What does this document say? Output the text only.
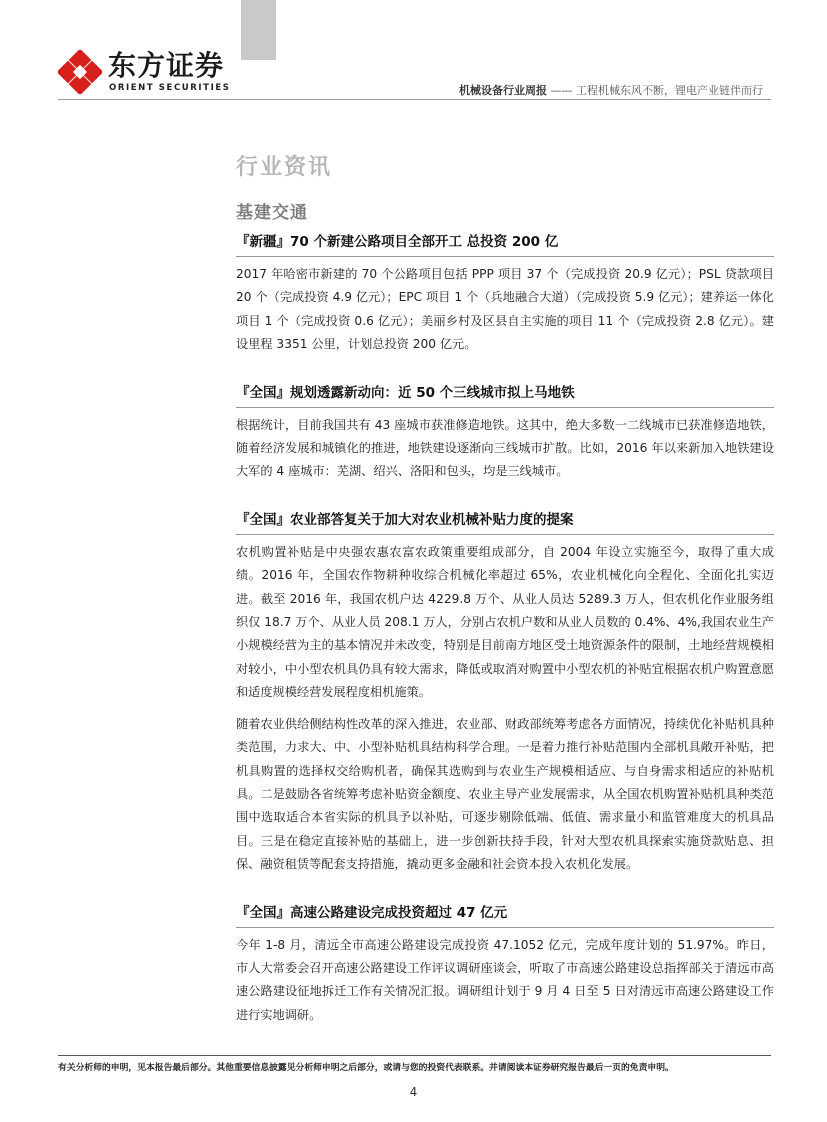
东方证券
ORIENT SECURITIES	机械设备行业周报 —— 工程机械东风不断，锂电产业链伴而行
行业资讯
基建交通
『新疆』70 个新建公路项目全部开工 总投资 200 亿

2017 年哈密市新建的 70 个公路项目包括 PPP 项目 37 个（完成投资 20.9 亿元）；PSL 贷款项目 20 个（完成投资 4.9 亿元）；EPC 项目 1 个（兵地融合大道）（完成投资 5.9 亿元）；建养运一体化项目 1 个（完成投资 0.6 亿元）；美丽乡村及区县自主实施的项目 11 个（完成投资 2.8 亿元）。建设里程 3351 公里，计划总投资 200 亿元。

『全国』规划透露新动向：近 50 个三线城市拟上马地铁

根据统计，目前我国共有 43 座城市获准修造地铁。这其中，绝大多数一二线城市已获准修造地铁，随着经济发展和城镇化的推进，地铁建设逐渐向三线城市扩散。比如，2016 年以来新加入地铁建设大军的 4 座城市：芜湖、绍兴、洛阳和包头，均是三线城市。

『全国』农业部答复关于加大对农业机械补贴力度的提案

农机购置补贴是中央强农惠农富农政策重要组成部分，自 2004 年设立实施至今，取得了重大成绩。2016 年，全国农作物耕种收综合机械化率超过 65%，农业机械化向全程化、全面化扎实迈进。截至 2016 年，我国农机户达 4229.8 万个、从业人员达 5289.3 万人，但农机化作业服务组织仅 18.7 万个、从业人员 208.1 万人，分别占农机户数和从业人员数的 0.4%、4%,我国农业生产小规模经营为主的基本情况并未改变，特别是目前南方地区受土地资源条件的限制，土地经营规模相对较小，中小型农机具仍具有较大需求，降低或取消对购置中小型农机的补贴宜根据农机户购置意愿和适度规模经营发展程度相机施策。

随着农业供给侧结构性改革的深入推进，农业部、财政部统筹考虑各方面情况，持续优化补贴机具种类范围，力求大、中、小型补贴机具结构科学合理。一是着力推行补贴范围内全部机具敞开补贴，把机具购置的选择权交给购机者，确保其选购到与农业生产规模相适应、与自身需求相适应的补贴机具。二是鼓励各省统筹考虑补贴资金额度、农业主导产业发展需求，从全国农机购置补贴机具种类范围中选取适合本省实际的机具予以补贴，可逐步剔除低端、低值、需求量小和监管难度大的机具品目。三是在稳定直接补贴的基础上，进一步创新扶持手段，针对大型农机具探索实施贷款贴息、担保、融资租赁等配套支持措施，撬动更多金融和社会资本投入农机化发展。

『全国』高速公路建设完成投资超过 47 亿元

今年 1-8 月，清远全市高速公路建设完成投资 47.1052 亿元，完成年度计划的 51.97%。昨日，市人大常委会召开高速公路建设工作评议调研座谈会，听取了市高速公路建设总指挥部关于清远市高速公路建设征地拆迁工作有关情况汇报。调研组计划于 9 月 4 日至 5 日对清远市高速公路建设工作进行实地调研。

有关分析师的申明，见本报告最后部分。其他重要信息披露见分析师申明之后部分，或请与您的投资代表联系。并请阅读本证券研究报告最后一页的免责申明。
4
